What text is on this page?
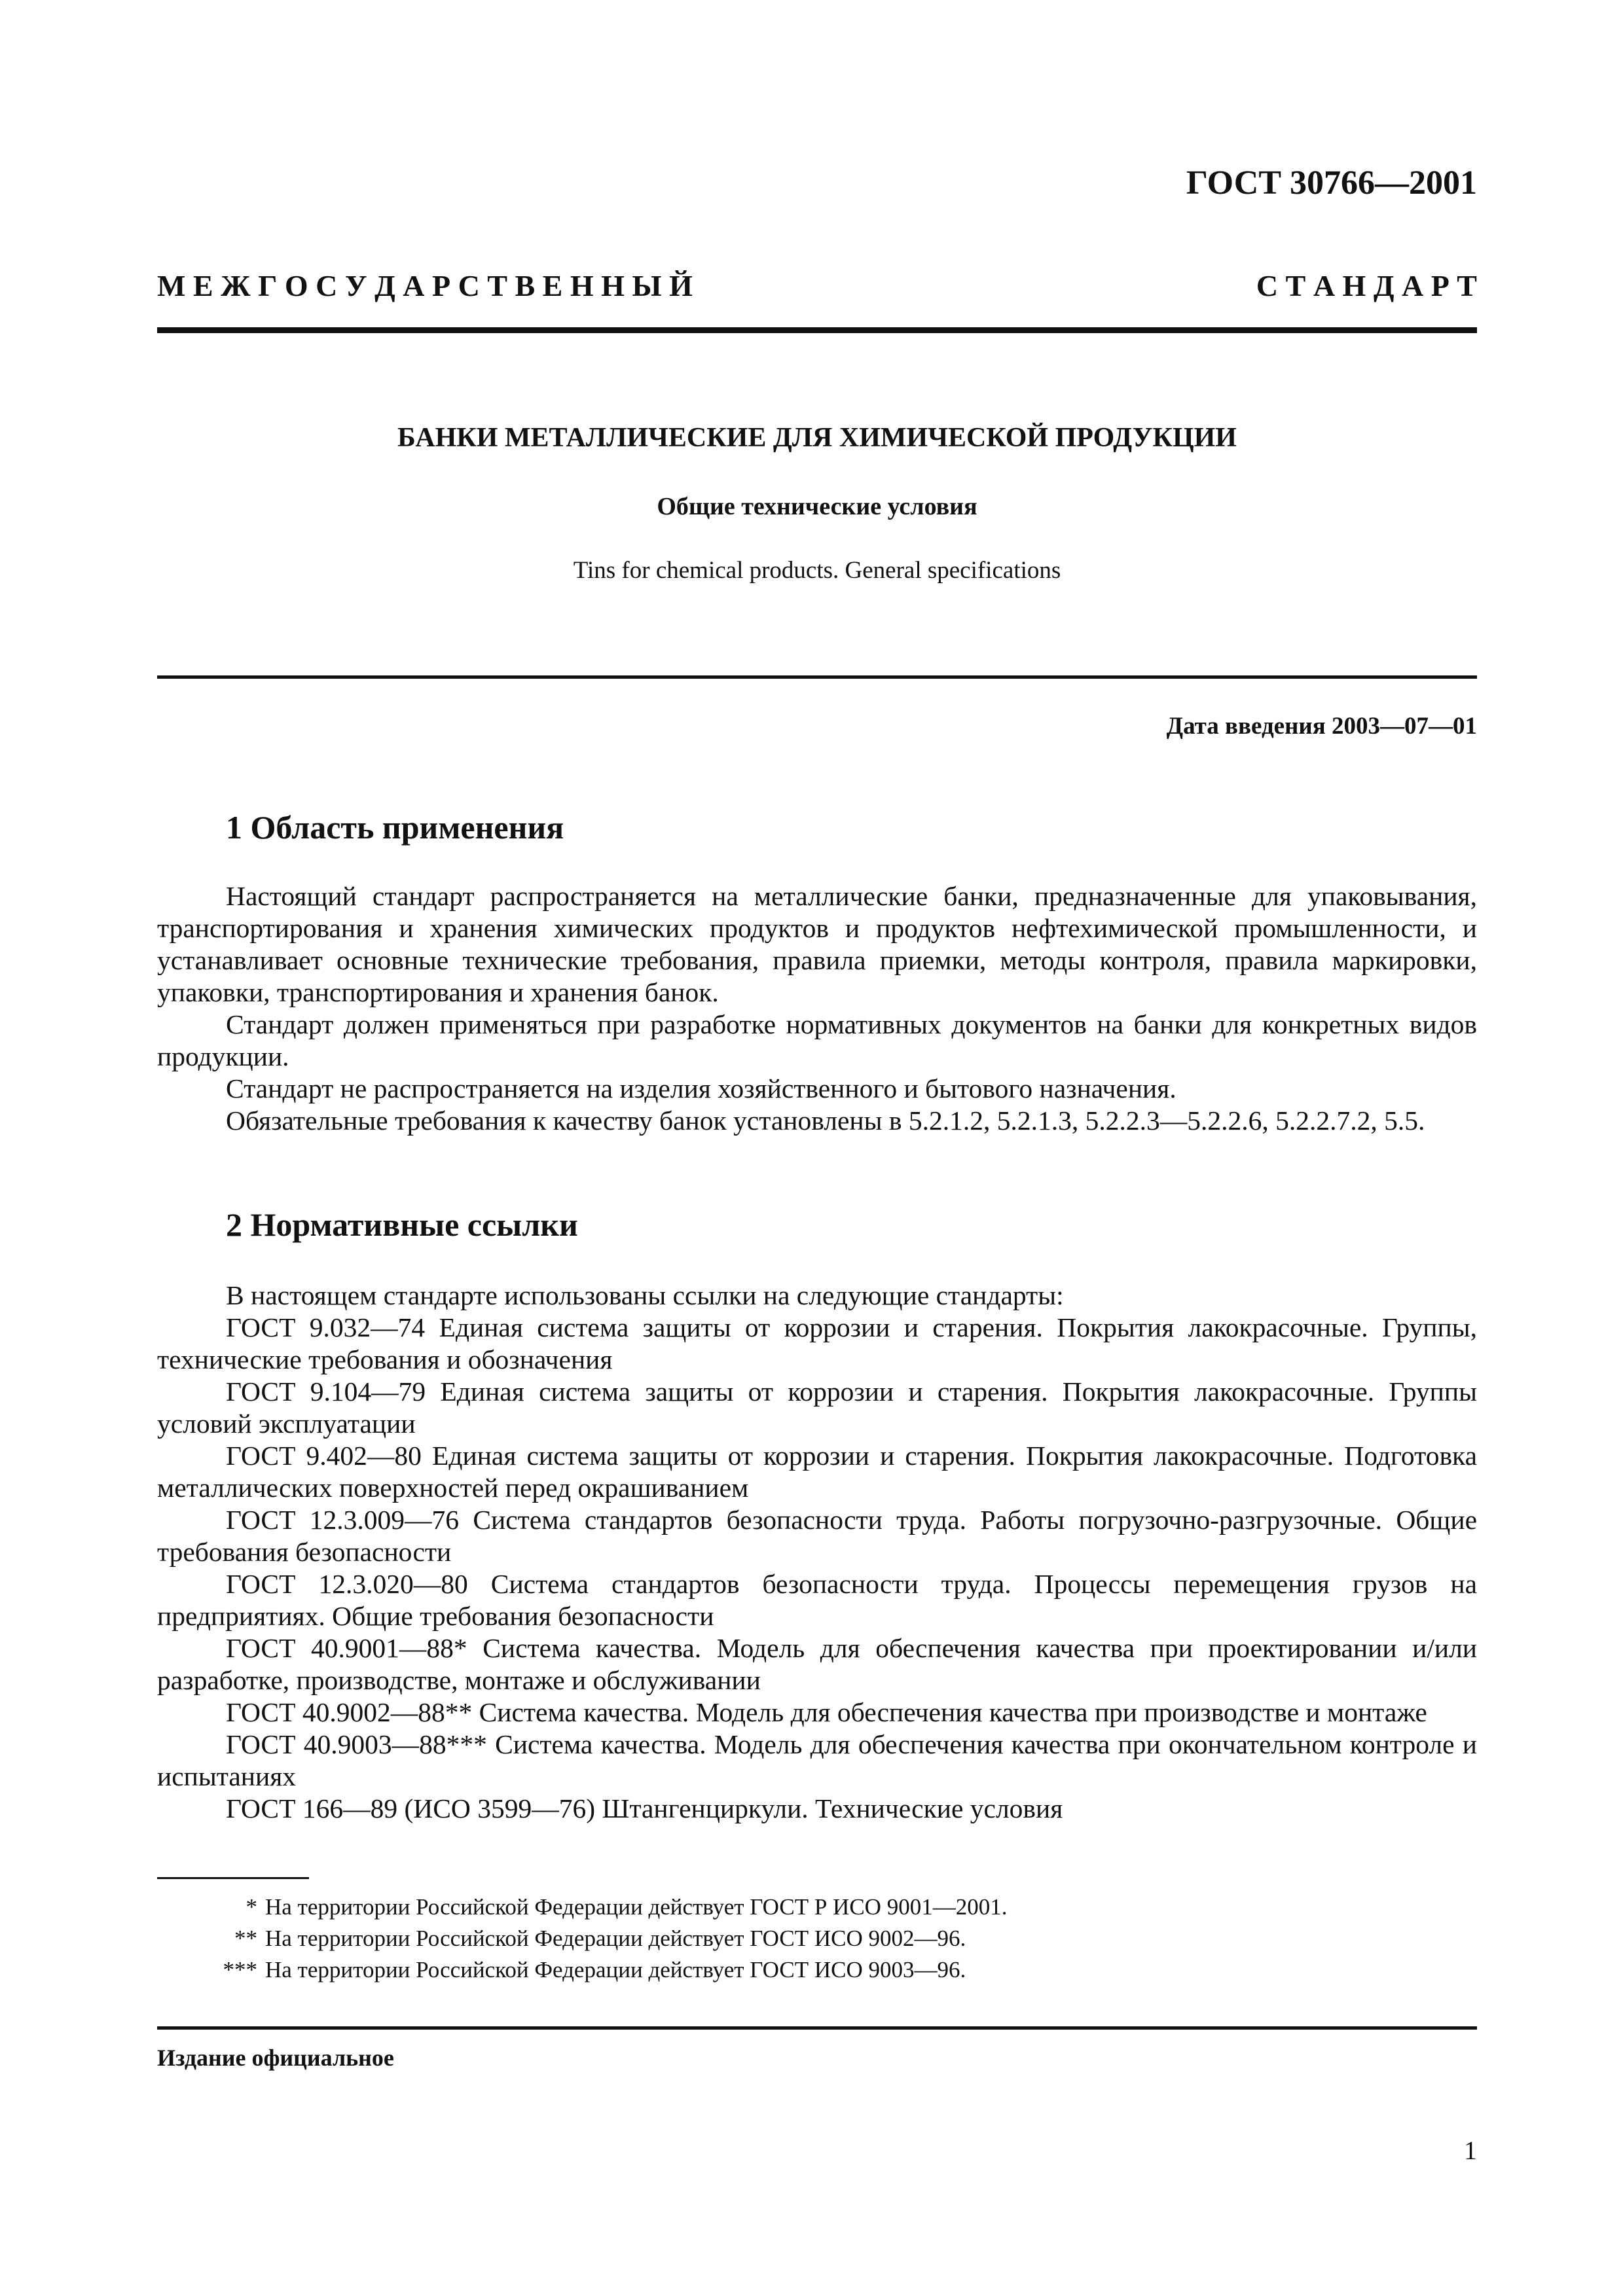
ГОСТ 30766—2001
М Е Ж Г О С У Д А Р С Т В Е Н Н Ы Й	С Т А Н Д А Р Т
БАНКИ МЕТАЛЛИЧЕСКИЕ ДЛЯ ХИМИЧЕСКОЙ ПРОДУКЦИИ
Общие технические условия
Tins for chemical products. General specifications
Дата введения 2003—07—01
1 Область применения

Настоящий стандарт распространяется на металлические банки, предназначенные для упаковывания, транспортирования и хранения химических продуктов и продуктов нефтехимической промышленности, и устанавливает основные технические требования, правила приемки, методы контроля, правила маркировки, упаковки, транспортирования и хранения банок.

Стандарт должен применяться при разработке нормативных документов на банки для конкретных видов продукции.

Стандарт не распространяется на изделия хозяйственного и бытового назначения.

Обязательные требования к качеству банок установлены в 5.2.1.2, 5.2.1.3, 5.2.2.3—5.2.2.6, 5.2.2.7.2, 5.5.

2 Нормативные ссылки

В настоящем стандарте использованы ссылки на следующие стандарты:

ГОСТ 9.032—74 Единая система защиты от коррозии и старения. Покрытия лакокрасочные. Группы, технические требования и обозначения

ГОСТ 9.104—79 Единая система защиты от коррозии и старения. Покрытия лакокрасочные. Группы условий эксплуатации

ГОСТ 9.402—80 Единая система защиты от коррозии и старения. Покрытия лакокрасочные. Подготовка металлических поверхностей перед окрашиванием

ГОСТ 12.3.009—76 Система стандартов безопасности труда. Работы погрузочно-разгрузочные. Общие требования безопасности

ГОСТ 12.3.020—80 Система стандартов безопасности труда. Процессы перемещения грузов на предприятиях. Общие требования безопасности

ГОСТ 40.9001—88* Система качества. Модель для обеспечения качества при проектировании и/или разработке, производстве, монтаже и обслуживании

ГОСТ 40.9002—88** Система качества. Модель для обеспечения качества при производстве и монтаже

ГОСТ 40.9003—88*** Система качества. Модель для обеспечения качества при окончательном контроле и испытаниях

ГОСТ 166—89 (ИСО 3599—76) Штангенциркули. Технические условия

* На территории Российской Федерации действует ГОСТ Р ИСО 9001—2001.
** На территории Российской Федерации действует ГОСТ ИСО 9002—96.
*** На территории Российской Федерации действует ГОСТ ИСО 9003—96.
Издание официальное
1
